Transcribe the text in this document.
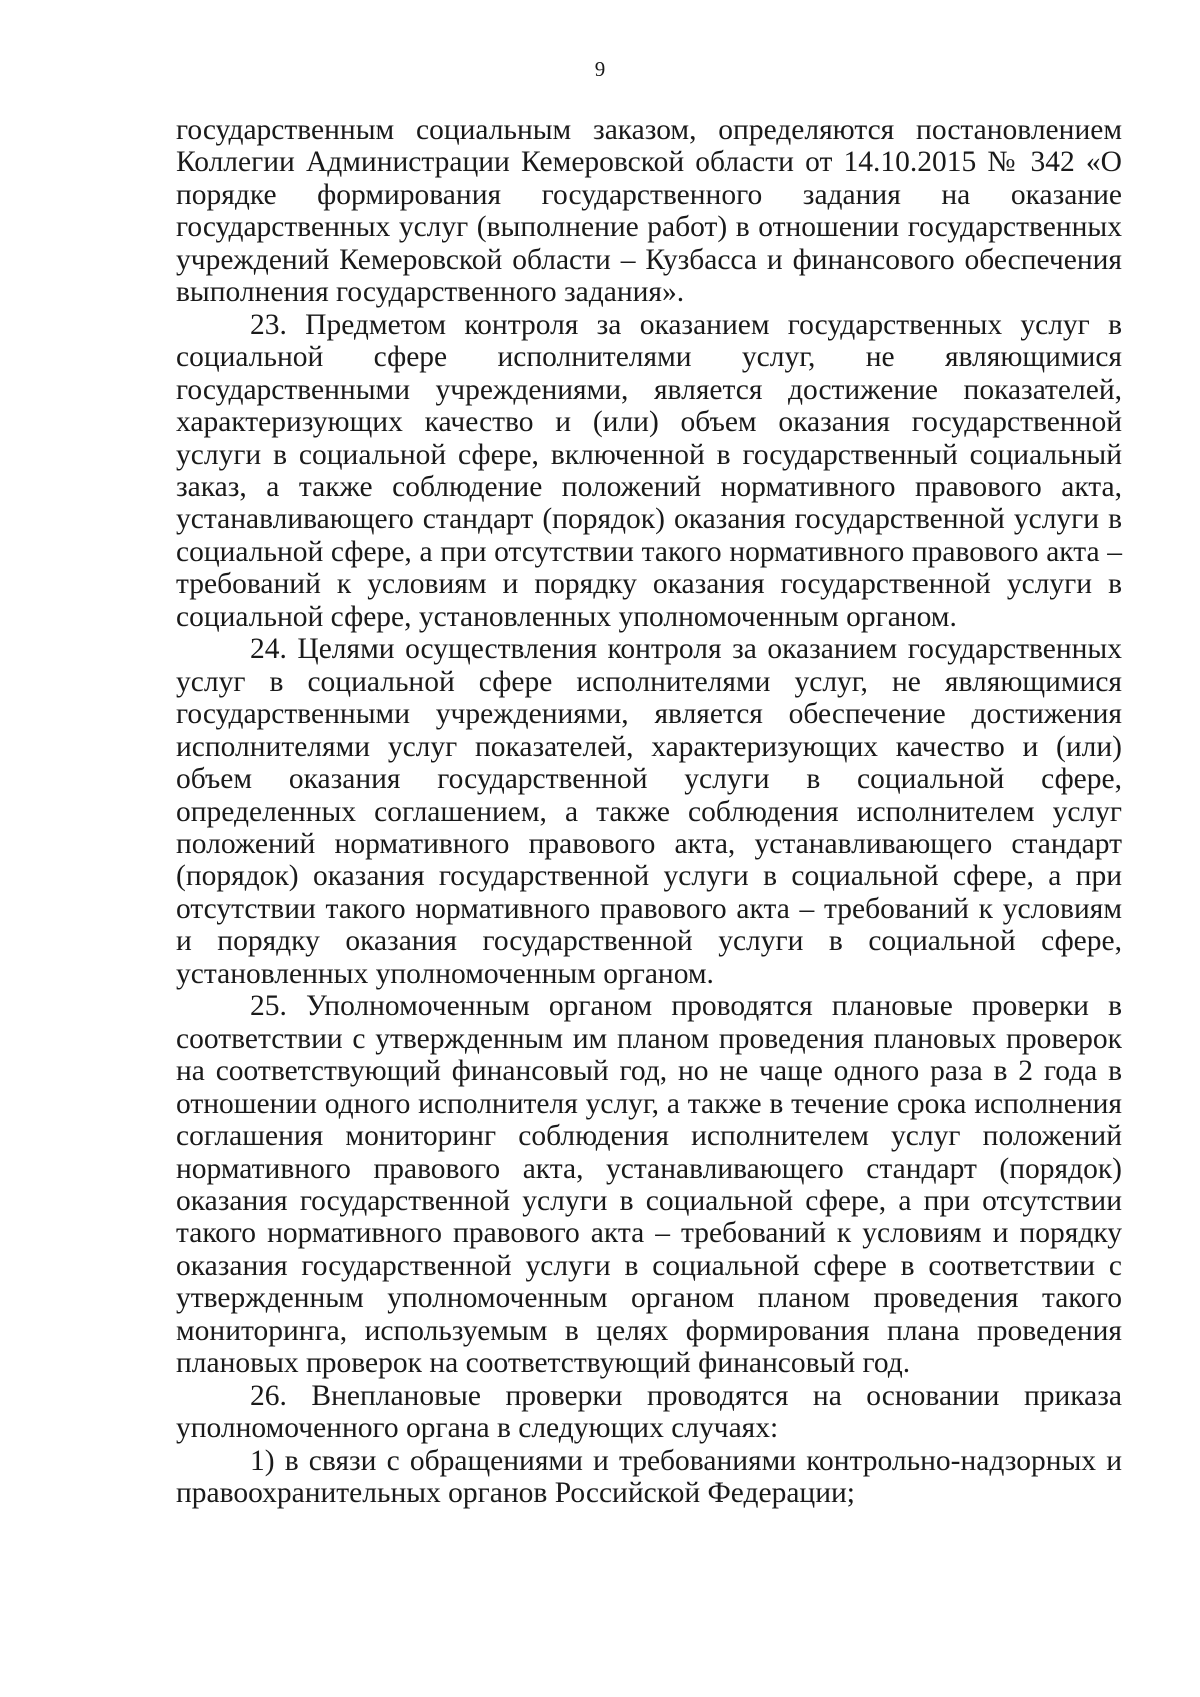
9

государственным социальным заказом, определяются постановлением Коллегии Администрации Кемеровской области от 14.10.2015 № 342 «О порядке формирования государственного задания на оказание государственных услуг (выполнение работ) в отношении государственных учреждений Кемеровской области – Кузбасса и финансового обеспечения выполнения государственного задания».

23. Предметом контроля за оказанием государственных услуг в социальной сфере исполнителями услуг, не являющимися государственными учреждениями, является достижение показателей, характеризующих качество и (или) объем оказания государственной услуги в социальной сфере, включенной в государственный социальный заказ, а также соблюдение положений нормативного правового акта, устанавливающего стандарт (порядок) оказания государственной услуги в социальной сфере, а при отсутствии такого нормативного правового акта – требований к условиям и порядку оказания государственной услуги в социальной сфере, установленных уполномоченным органом.

24. Целями осуществления контроля за оказанием государственных услуг в социальной сфере исполнителями услуг, не являющимися государственными учреждениями, является обеспечение достижения исполнителями услуг показателей, характеризующих качество и (или) объем оказания государственной услуги в социальной сфере, определенных соглашением, а также соблюдения исполнителем услуг положений нормативного правового акта, устанавливающего стандарт (порядок) оказания государственной услуги в социальной сфере, а при отсутствии такого нормативного правового акта – требований к условиям и порядку оказания государственной услуги в социальной сфере, установленных уполномоченным органом.

25. Уполномоченным органом проводятся плановые проверки в соответствии с утвержденным им планом проведения плановых проверок на соответствующий финансовый год, но не чаще одного раза в 2 года в отношении одного исполнителя услуг, а также в течение срока исполнения соглашения мониторинг соблюдения исполнителем услуг положений нормативного правового акта, устанавливающего стандарт (порядок) оказания государственной услуги в социальной сфере, а при отсутствии такого нормативного правового акта – требований к условиям и порядку оказания государственной услуги в социальной сфере в соответствии с утвержденным уполномоченным органом планом проведения такого мониторинга, используемым в целях формирования плана проведения плановых проверок на соответствующий финансовый год.

26. Внеплановые проверки проводятся на основании приказа уполномоченного органа в следующих случаях:

1) в связи с обращениями и требованиями контрольно-надзорных и правоохранительных органов Российской Федерации;
